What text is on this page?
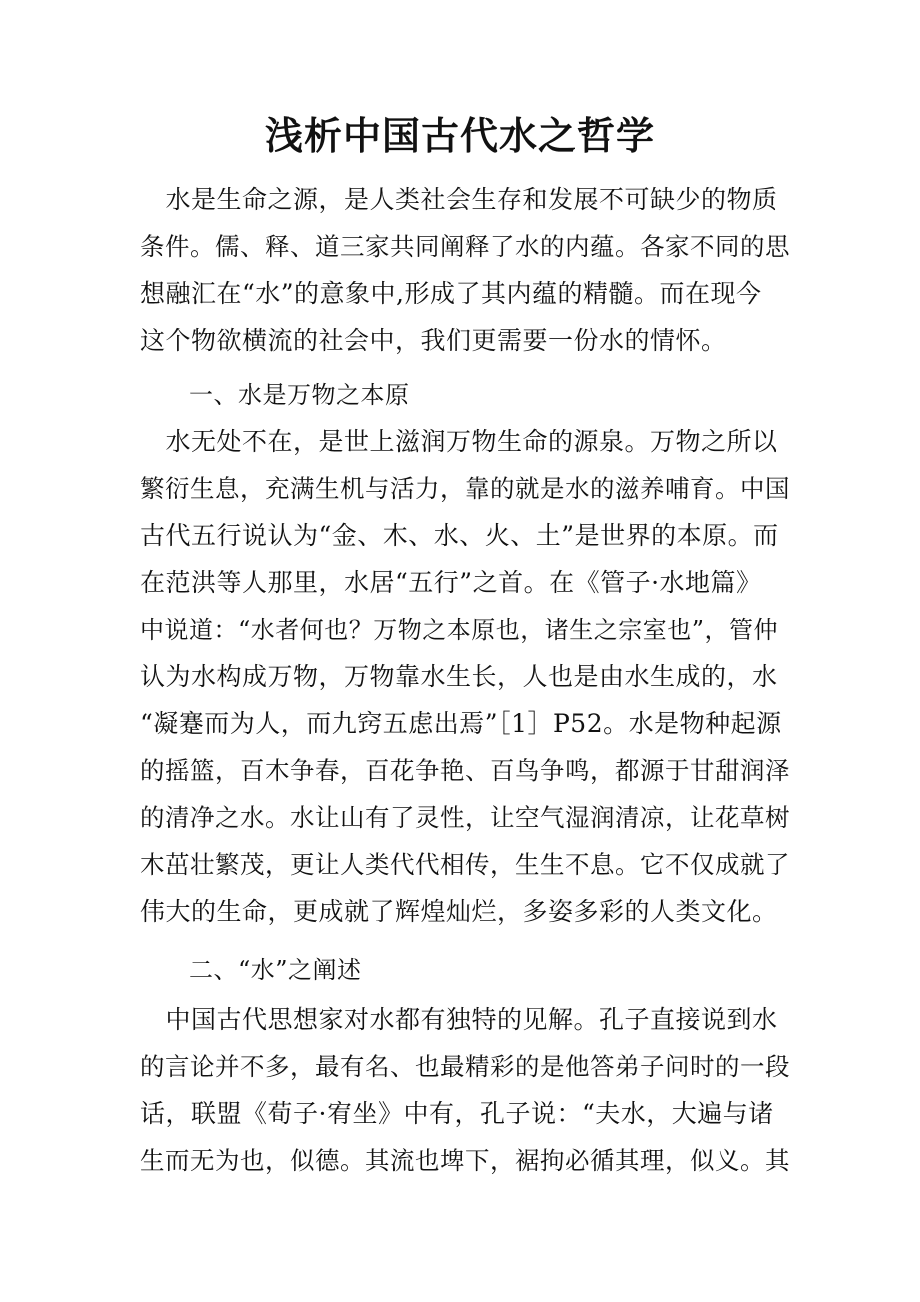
浅析中国古代水之哲学
　水是生命之源，是人类社会生存和发展不可缺少的物质
条件。儒、释、道三家共同阐释了水的内蕴。各家不同的思
想融汇在“水”的意象中,形成了其内蕴的精髓。而在现今
这个物欲横流的社会中，我们更需要一份水的情怀。
　　一、水是万物之本原
　水无处不在，是世上滋润万物生命的源泉。万物之所以
繁衍生息，充满生机与活力，靠的就是水的滋养哺育。中国
古代五行说认为“金、木、水、火、土”是世界的本原。而
在范洪等人那里，水居“五行”之首。在《管子·水地篇》
中说道：“水者何也？万物之本原也，诸生之宗室也”，管仲
认为水构成万物，万物靠水生长，人也是由水生成的，水
“凝蹇而为人，而九窍五虑出焉”［1］P52。水是物种起源
的摇篮，百木争春，百花争艳、百鸟争鸣，都源于甘甜润泽
的清净之水。水让山有了灵性，让空气湿润清凉，让花草树
木茁壮繁茂，更让人类代代相传，生生不息。它不仅成就了
伟大的生命，更成就了辉煌灿烂，多姿多彩的人类文化。
　　二、“水”之阐述
　中国古代思想家对水都有独特的见解。孔子直接说到水
的言论并不多，最有名、也最精彩的是他答弟子问时的一段
话，联盟《荀子·宥坐》中有，孔子说：“夫水，大遍与诸
生而无为也，似德。其流也埤下，裾拘必循其理，似义。其
